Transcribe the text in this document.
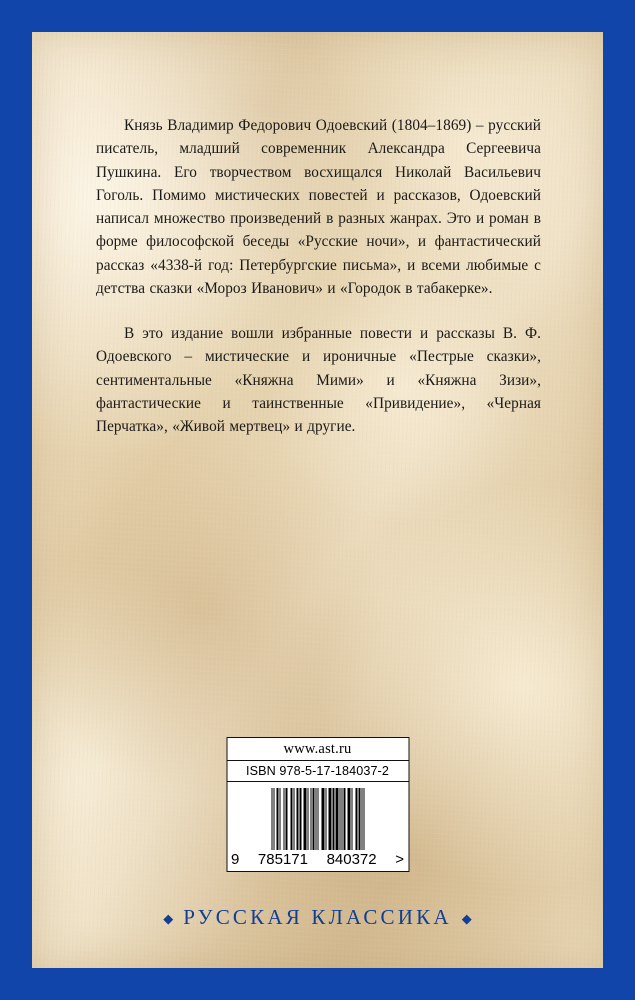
Князь Владимир Федорович Одоевский (1804–1869) – русский писатель, младший современник Александра Сергеевича Пушкина. Его творчеством восхищался Николай Васильевич Гоголь. Помимо мистических повестей и рассказов, Одоевский написал множество произведений в разных жанрах. Это и роман в форме философской беседы «Русские ночи», и фантастический рассказ «4338-й год: Петербургские письма», и всеми любимые с детства сказки «Мороз Иванович» и «Городок в табакерке».

В это издание вошли избранные повести и рассказы В. Ф. Одоевского – мистические и ироничные «Пестрые сказки», сентиментальные «Княжна Мими» и «Княжна Зизи», фантастические и таинственные «Привидение», «Черная Перчатка», «Живой мертвец» и другие.

www.ast.ru
ISBN 978-5-17-184037-2
9 785171 840372 >
◆ РУССКАЯ КЛАССИКА ◆
